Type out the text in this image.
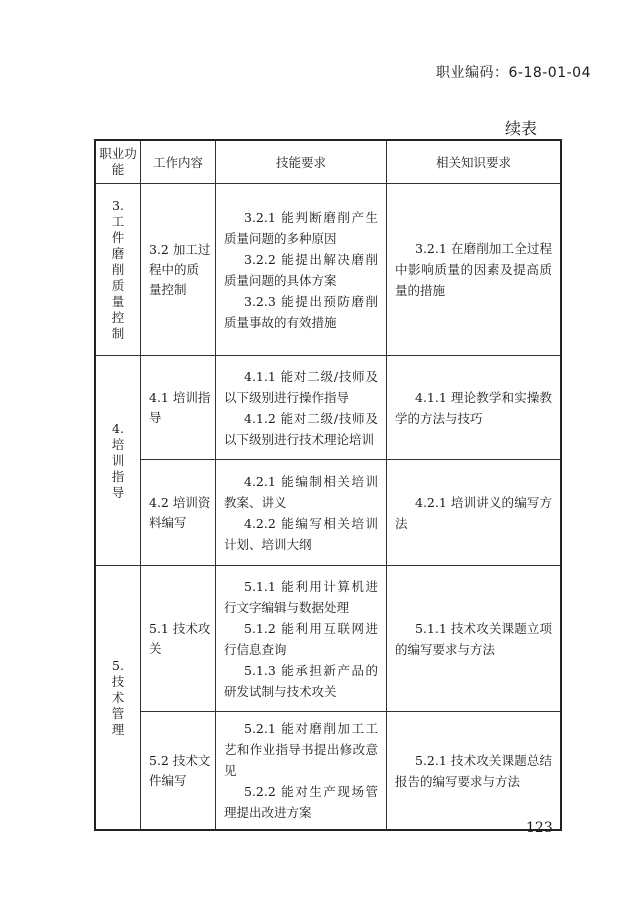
职业编码：6-18-01-04
续表
职业功能	工作内容	技能要求	相关知识要求
3. 工件磨削质量控制	3.2 加工过程中的质量控制	3.2.1 能判断磨削产生质量问题的多种原因
3.2.2 能提出解决磨削质量问题的具体方案
3.2.3 能提出预防磨削质量事故的有效措施	3.2.1 在磨削加工全过程中影响质量的因素及提高质量的措施

4. 培训指导	4.1 培训指导	4.1.1 能对二级/技师及以下级别进行操作指导
4.1.2 能对二级/技师及以下级别进行技术理论培训	4.1.1 理论教学和实操教学的方法与技巧

	4.2 培训资料编写	4.2.1 能编制相关培训教案、讲义
4.2.2 能编写相关培训计划、培训大纲	4.2.1 培训讲义的编写方法

5. 技术管理	5.1 技术攻关	5.1.1 能利用计算机进行文字编辑与数据处理
5.1.2 能利用互联网进行信息查询
5.1.3 能承担新产品的研发试制与技术攻关	5.1.1 技术攻关课题立项的编写要求与方法

	5.2 技术文件编写	5.2.1 能对磨削加工工艺和作业指导书提出修改意见
5.2.2 能对生产现场管理提出改进方案	5.2.1 技术攻关课题总结报告的编写要求与方法
123
